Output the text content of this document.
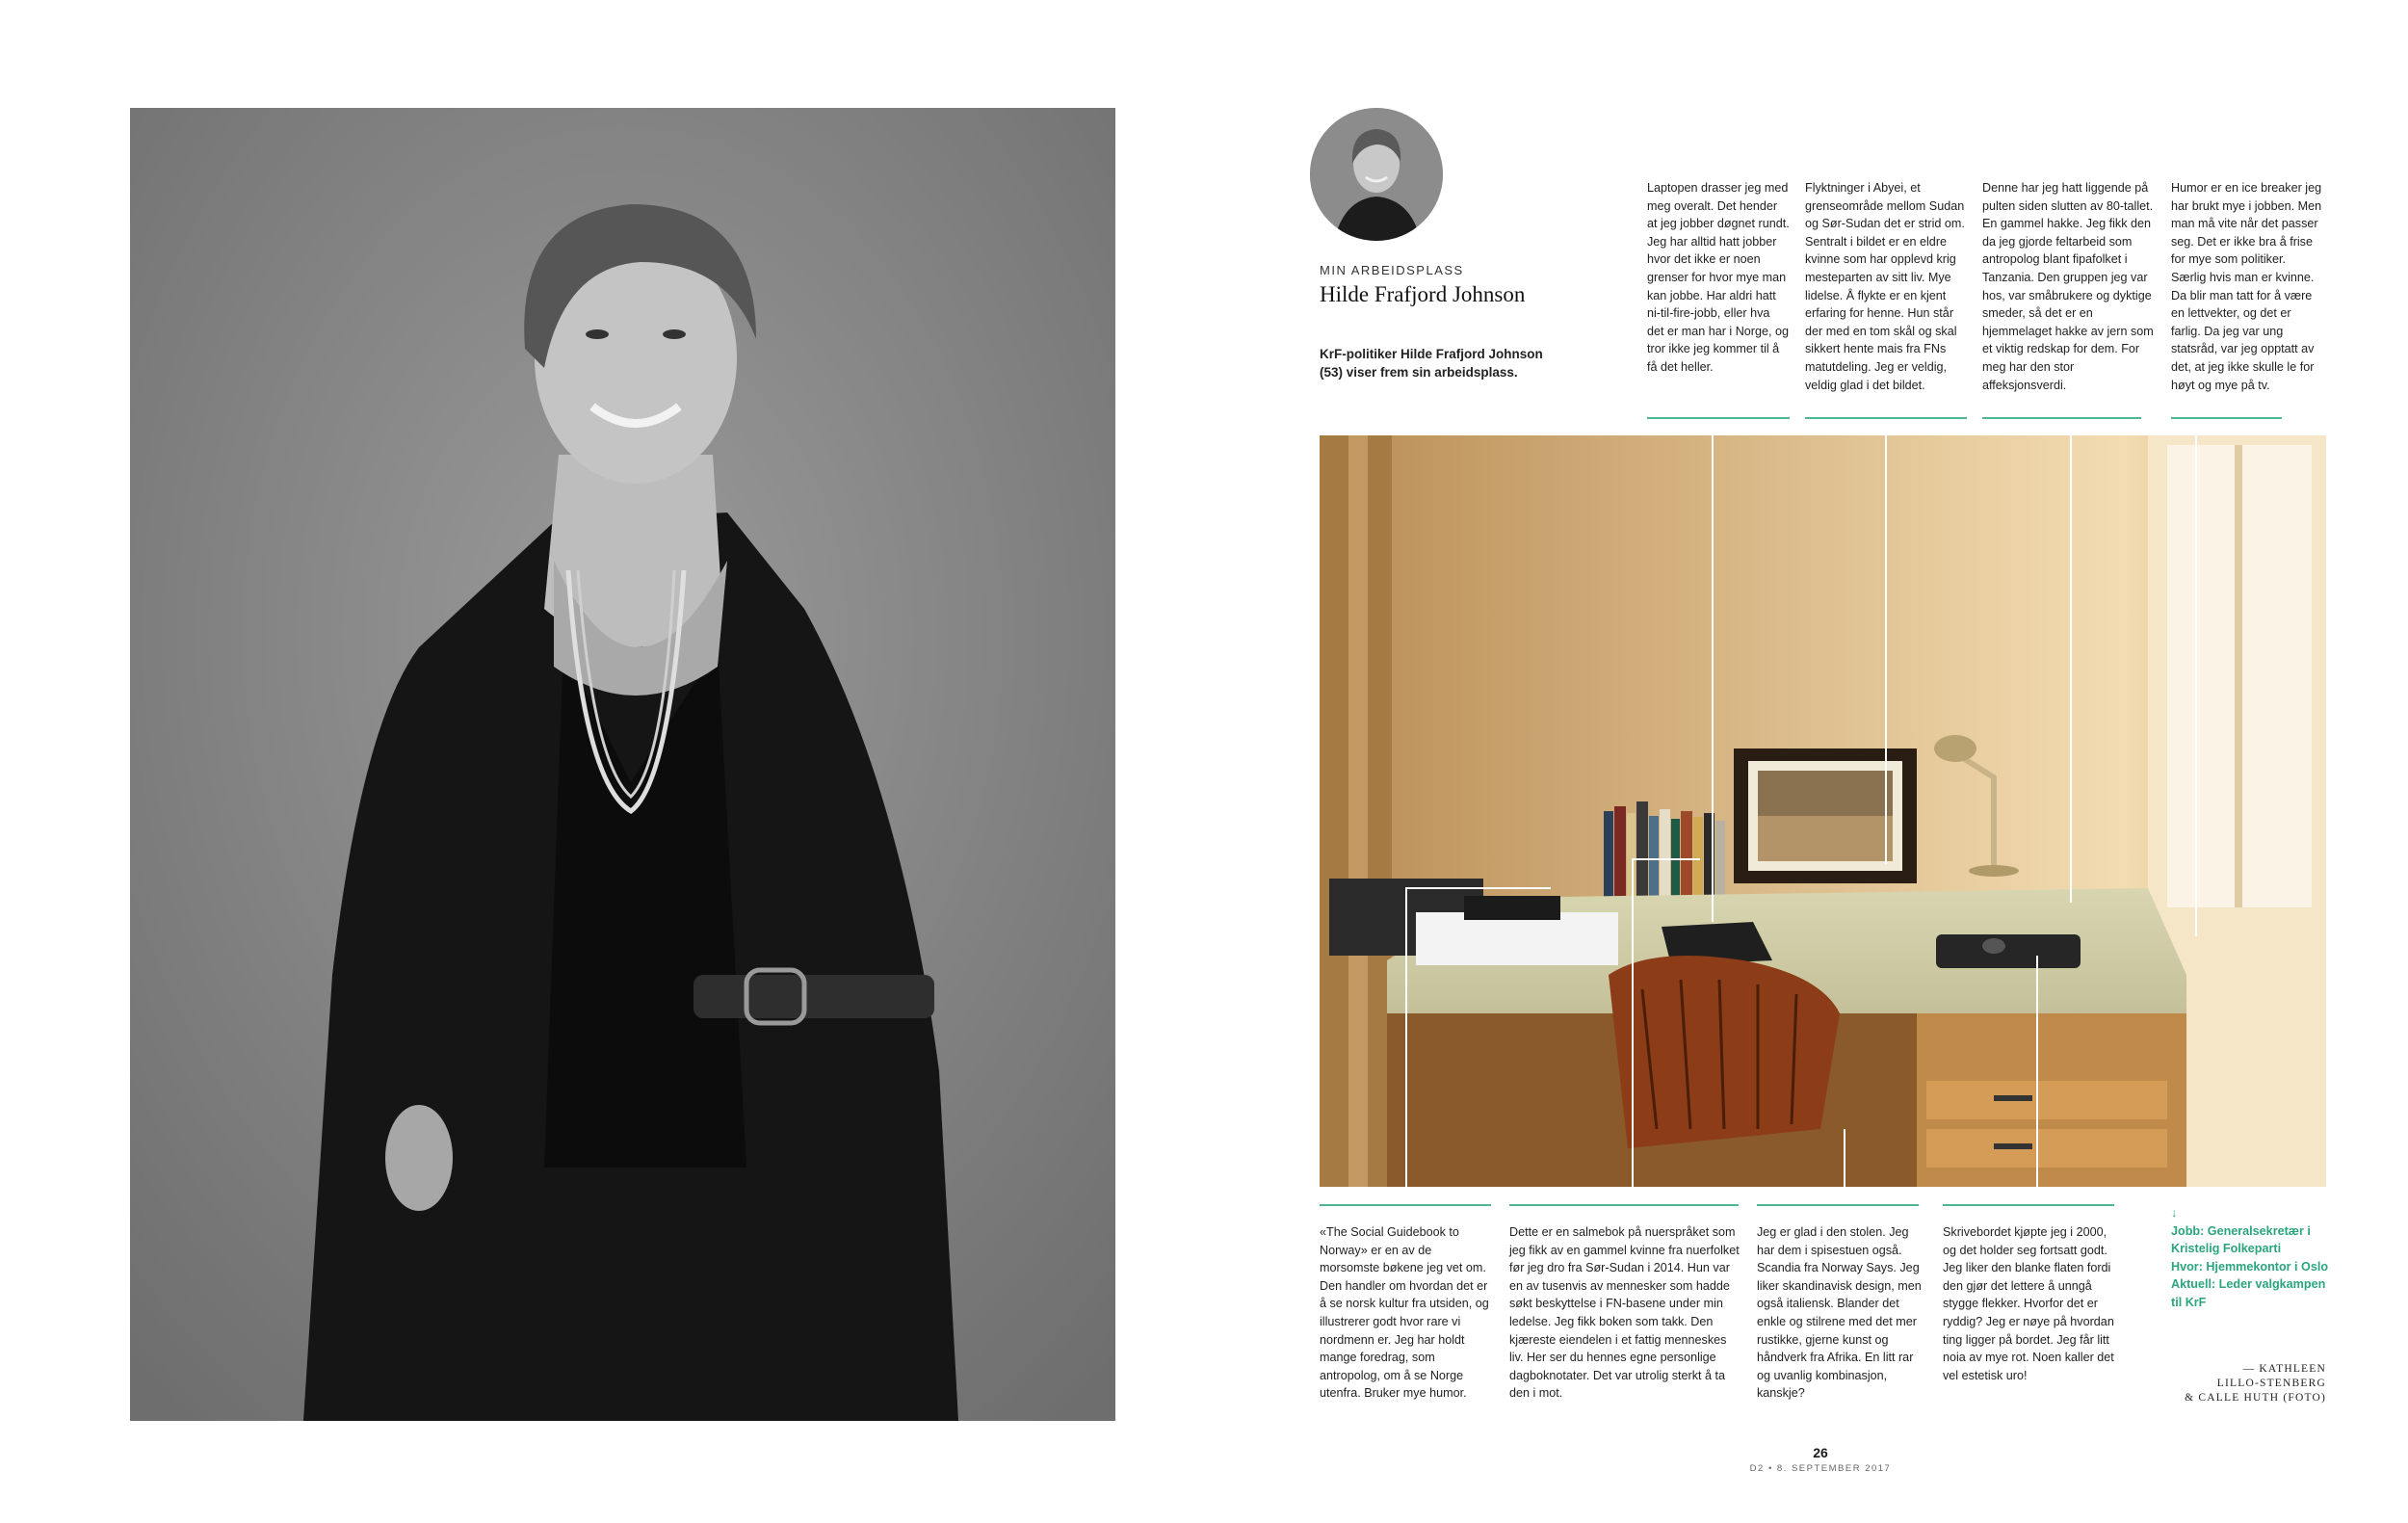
MIN ARBEIDSPLASS
Hilde Frafjord Johnson
KrF-politiker Hilde Frafjord Johnson (53) viser frem sin arbeidsplass.

Laptopen drasser jeg med meg overalt. Det hender at jeg jobber døgnet rundt. Jeg har alltid hatt jobber hvor det ikke er noen grenser for hvor mye man kan jobbe. Har aldri hatt ni-til-fire-jobb, eller hva det er man har i Norge, og tror ikke jeg kommer til å få det heller.

Flyktninger i Abyei, et grenseområde mellom Sudan og Sør-Sudan det er strid om. Sentralt i bildet er en eldre kvinne som har opplevd krig mesteparten av sitt liv. Mye lidelse. Å flykte er en kjent erfaring for henne. Hun står der med en tom skål og skal sikkert hente mais fra FNs matutdeling. Jeg er veldig, veldig glad i det bildet.

Denne har jeg hatt liggende på pulten siden slutten av 80-tallet. En gammel hakke. Jeg fikk den da jeg gjorde feltarbeid som antropolog blant fipafolket i Tanzania. Den gruppen jeg var hos, var småbrukere og dyktige smeder, så det er en hjemmelaget hakke av jern som et viktig redskap for dem. For meg har den stor affeksjonsverdi.

Humor er en ice breaker jeg har brukt mye i jobben. Men man må vite når det passer seg. Det er ikke bra å frise for mye som politiker. Særlig hvis man er kvinne. Da blir man tatt for å være en lettvekter, og det er farlig. Da jeg var ung statsråd, var jeg opptatt av det, at jeg ikke skulle le for høyt og mye på tv.

«The Social Guidebook to Norway» er en av de morsomste bøkene jeg vet om. Den handler om hvordan det er å se norsk kultur fra utsiden, og illustrerer godt hvor rare vi nordmenn er. Jeg har holdt mange foredrag, som antropolog, om å se Norge utenfra. Bruker mye humor.

Dette er en salmebok på nuerspråket som jeg fikk av en gammel kvinne fra nuerfolket før jeg dro fra Sør-Sudan i 2014. Hun var en av tusenvis av mennesker som hadde søkt beskyttelse i FN-basene under min ledelse. Jeg fikk boken som takk. Den kjæreste eiendelen i et fattig menneskes liv. Her ser du hennes egne personlige dagboknotater. Det var utrolig sterkt å ta den i mot.

Jeg er glad i den stolen. Jeg har dem i spisestuen også. Scandia fra Norway Says. Jeg liker skandinavisk design, men også italiensk. Blander det enkle og stilrene med det mer rustikke, gjerne kunst og håndverk fra Afrika. En litt rar og uvanlig kombinasjon, kanskje?

Skrivebordet kjøpte jeg i 2000, og det holder seg fortsatt godt. Jeg liker den blanke flaten fordi den gjør det lettere å unngå stygge flekker. Hvorfor det er ryddig? Jeg er nøye på hvordan ting ligger på bordet. Jeg får litt noia av mye rot. Noen kaller det vel estetisk uro!

↓
Jobb: Generalsekretær i Kristelig Folkeparti
Hvor: Hjemmekontor i Oslo
Aktuell: Leder valgkampen til KrF
— KATHLEEN
LILLO-STENBERG
& CALLE HUTH (FOTO)
26
D2 • 8. SEPTEMBER 2017
